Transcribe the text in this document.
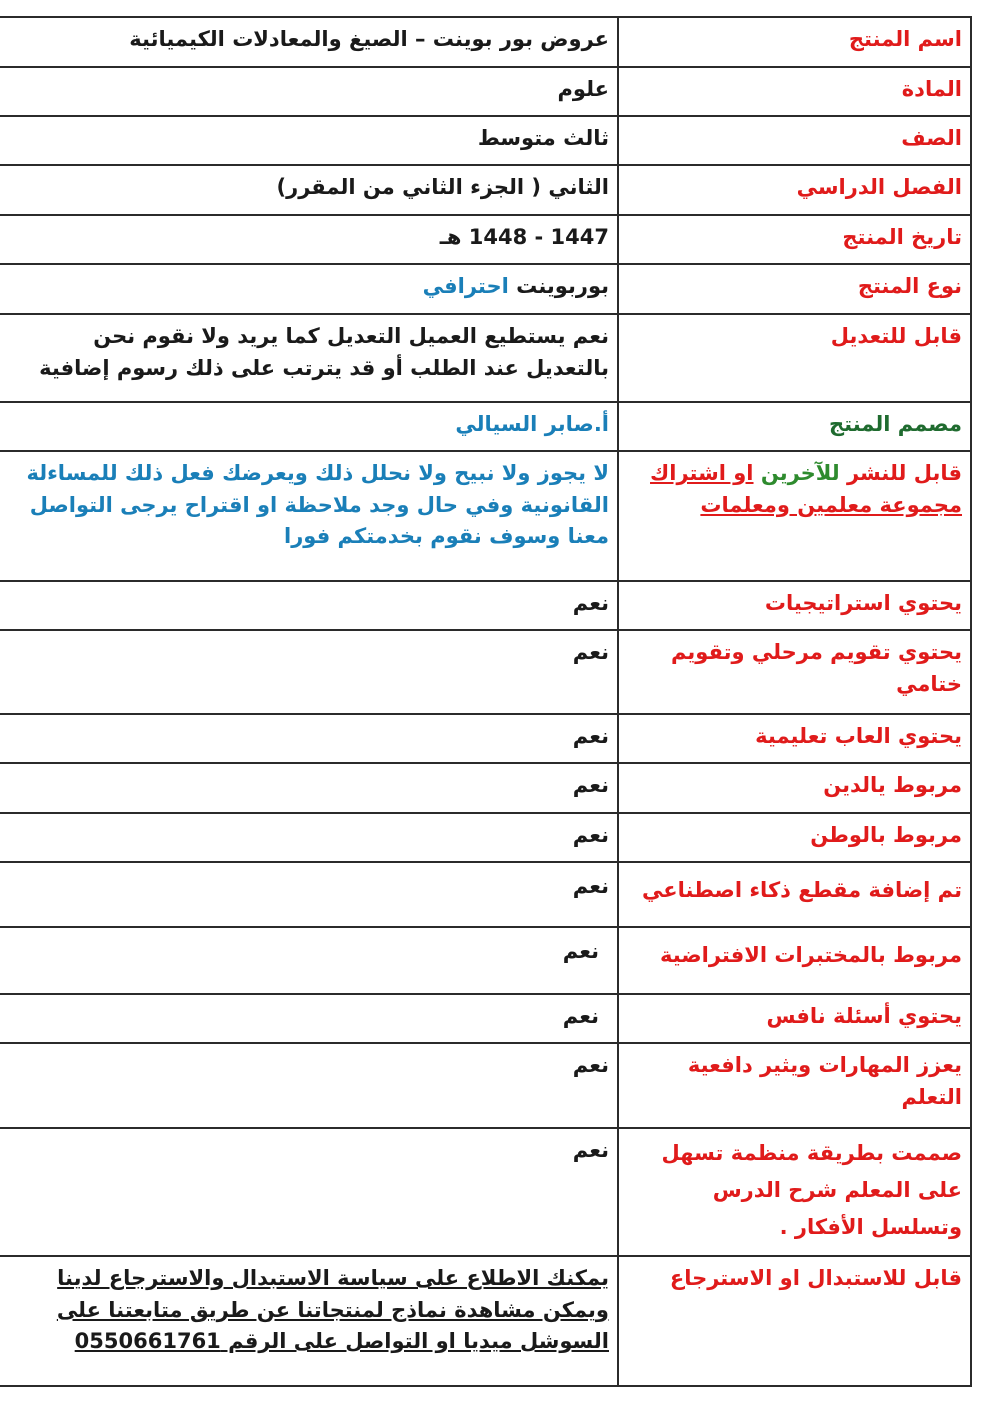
اسم المنتج	عروض بور بوينت – الصيغ والمعادلات الكيميائية
المادة	علوم
الصف	ثالث متوسط
الفصل الدراسي	الثاني ( الجزء الثاني من المقرر)
تاريخ المنتج	1447 - 1448 هـ
نوع المنتج	بوربوينت احترافي
قابل للتعديل	نعم يستطيع العميل التعديل كما يريد ولا نقوم نحن بالتعديل عند الطلب أو قد يترتب على ذلك رسوم إضافية
مصمم المنتج	أ.صابر السيالي
قابل للنشر للآخرين او اشتراك مجموعة معلمين ومعلمات	لا يجوز ولا نبيح ولا نحلل ذلك ويعرضك فعل ذلك للمساءلة القانونية وفي حال وجد ملاحظة او اقتراح يرجى التواصل معنا وسوف نقوم بخدمتكم فورا
يحتوي استراتيجيات	نعم
يحتوي تقويم مرحلي وتقويم ختامي	نعم
يحتوي العاب تعليمية	نعم
مربوط يالدين	نعم
مربوط بالوطن	نعم
تم إضافة مقطع ذكاء اصطناعي	نعم
مربوط بالمختبرات الافتراضية	نعم
يحتوي أسئلة نافس	نعم
يعزز المهارات ويثير دافعية التعلم	نعم
صممت بطريقة منظمة تسهل على المعلم شرح الدرس وتسلسل الأفكار .	نعم
قابل للاستبدال او الاسترجاع	يمكنك الاطلاع على سياسة الاستبدال والاسترجاع لدينا ويمكن مشاهدة نماذج لمنتجاتنا عن طريق متابعتنا على السوشل ميديا او التواصل على الرقم 0550661761
